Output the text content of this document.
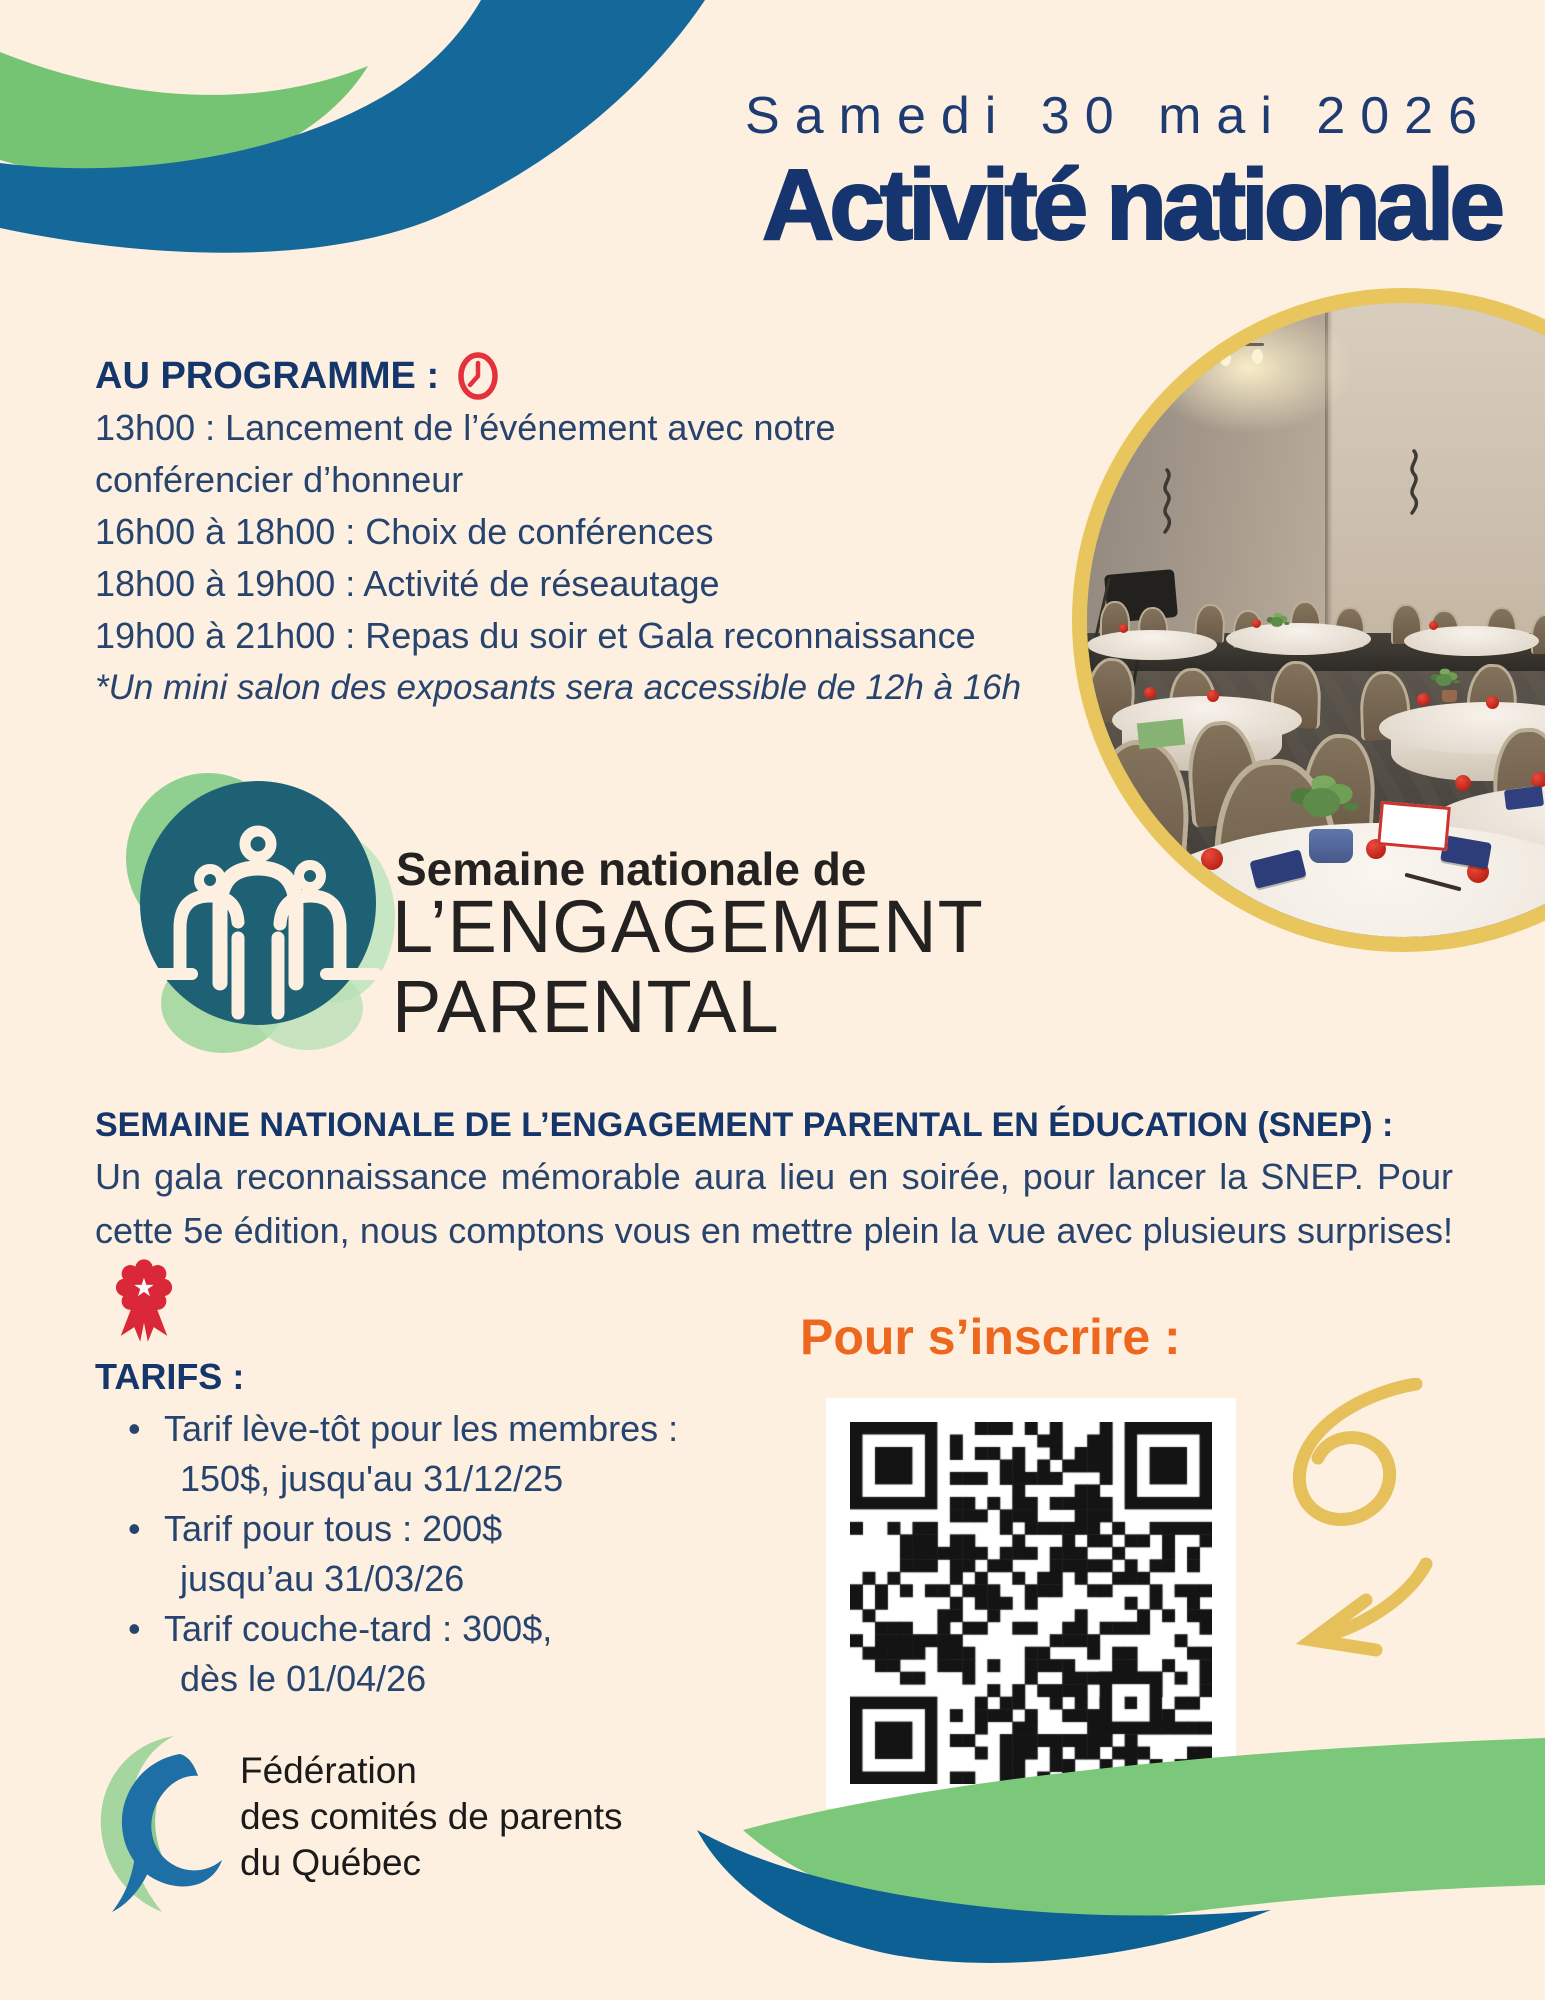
Samedi 30 mai 2026
Activité nationale
AU PROGRAMME :
13h00 : Lancement de l’événement avec notre
conférencier d’honneur
16h00 à 18h00 : Choix de conférences
18h00 à 19h00 : Activité de réseautage
19h00 à 21h00 : Repas du soir et Gala reconnaissance
*Un mini salon des exposants sera accessible de 12h à 16h
Semaine nationale de
L’ENGAGEMENT
PARENTAL
SEMAINE NATIONALE DE L’ENGAGEMENT PARENTAL EN ÉDUCATION (SNEP) :
Un gala reconnaissance mémorable aura lieu en soirée, pour lancer la SNEP. Pour cette 5e édition, nous comptons vous en mettre plein la vue avec plusieurs surprises!
★
TARIFS :
• Tarif lève-tôt pour les membres :
150$, jusqu'au 31/12/25
• Tarif pour tous : 200$
jusqu’au 31/03/26
• Tarif couche-tard : 300$,
dès le 01/04/26
Pour s’inscrire :
Fédération
des comités de parents
du Québec
